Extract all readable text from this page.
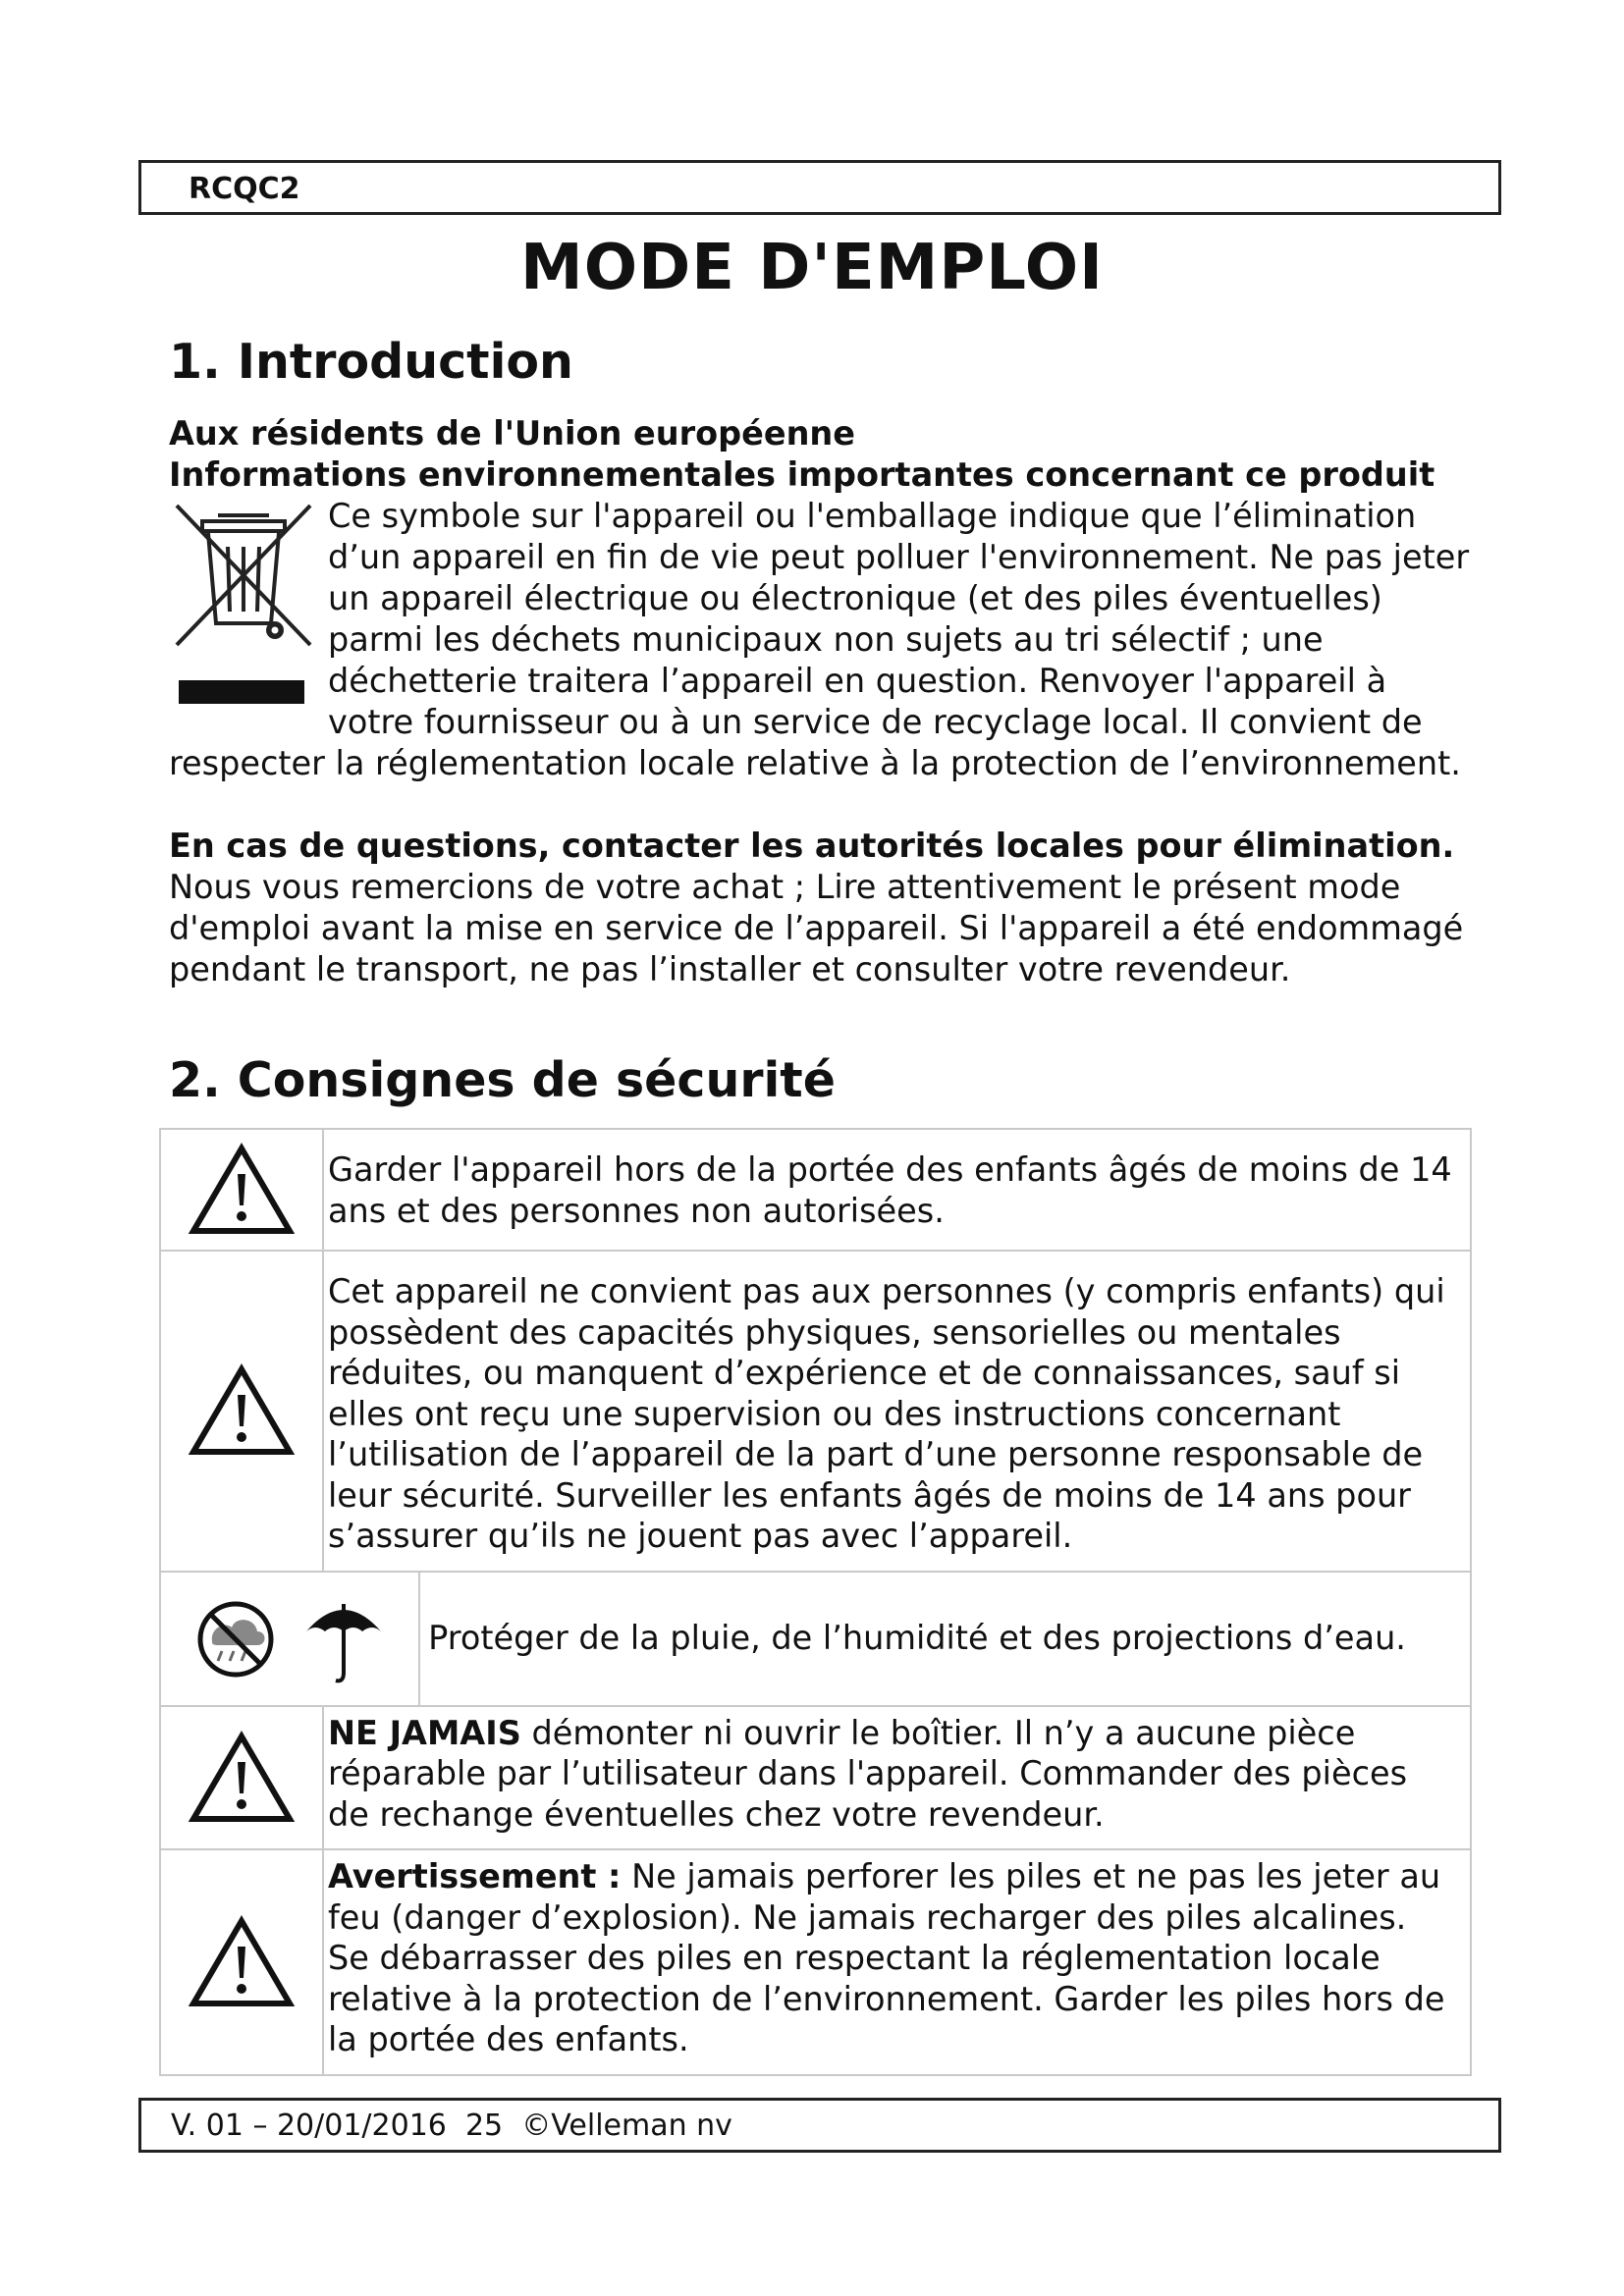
RCQC2
MODE D'EMPLOI
1. Introduction

Aux résidents de l'Union européenne

Informations environnementales importantes concernant ce produit

Ce symbole sur l'appareil ou l'emballage indique que l’élimination d’un appareil en fin de vie peut polluer l'environnement. Ne pas jeter un appareil électrique ou électronique (et des piles éventuelles) parmi les déchets municipaux non sujets au tri sélectif ; une déchetterie traitera l’appareil en question. Renvoyer l'appareil à votre fournisseur ou à un service de recyclage local. Il convient de respecter la réglementation locale relative à la protection de l’environnement.

En cas de questions, contacter les autorités locales pour élimination.

Nous vous remercions de votre achat ; Lire attentivement le présent mode d'emploi avant la mise en service de l’appareil. Si l'appareil a été endommagé pendant le transport, ne pas l’installer et consulter votre revendeur.

2. Consignes de sécurité
	Garder l'appareil hors de la portée des enfants âgés de moins de 14 ans et des personnes non autorisées.	

	Cet appareil ne convient pas aux personnes (y compris enfants) qui possèdent des capacités physiques, sensorielles ou mentales réduites, ou manquent d’expérience et de connaissances, sauf si elles ont reçu une supervision ou des instructions concernant l’utilisation de l’appareil de la part d’une personne responsable de leur sécurité. Surveiller les enfants âgés de moins de 14 ans pour s’assurer qu’ils ne jouent pas avec l’appareil.	

	Protéger de la pluie, de l’humidité et des projections d’eau.

	NE JAMAIS démonter ni ouvrir le boîtier. Il n’y a aucune pièce réparable par l’utilisateur dans l'appareil. Commander des pièces de rechange éventuelles chez votre revendeur.	

	Avertissement : Ne jamais perforer les piles et ne pas les jeter au feu (danger d’explosion). Ne jamais recharger des piles alcalines. Se débarrasser des piles en respectant la réglementation locale relative à la protection de l’environnement. Garder les piles hors de la portée des enfants.	
V. 01 – 20/01/2016  25  ©Velleman nv
